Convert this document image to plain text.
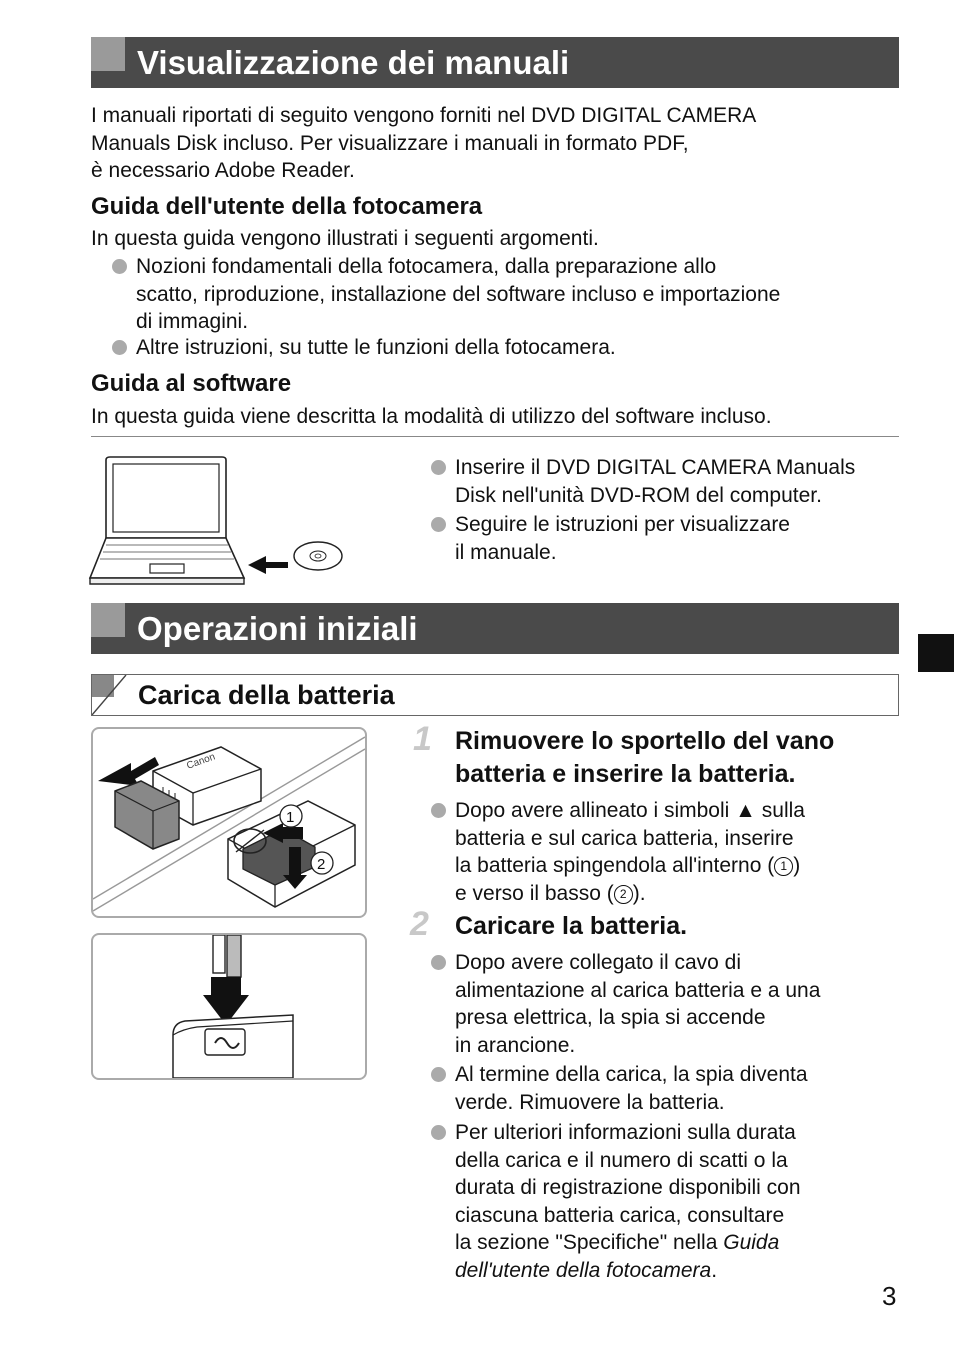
Visualizzazione dei manuali
I manuali riportati di seguito vengono forniti nel DVD DIGITAL CAMERA
Manuals Disk incluso. Per visualizzare i manuali in formato PDF,
è necessario Adobe Reader.
Guida dell'utente della fotocamera
In questa guida vengono illustrati i seguenti argomenti.
Nozioni fondamentali della fotocamera, dalla preparazione allo
scatto, riproduzione, installazione del software incluso e importazione
di immagini.
Altre istruzioni, su tutte le funzioni della fotocamera.
Guida al software
In questa guida viene descritta la modalità di utilizzo del software incluso.
Inserire il DVD DIGITAL CAMERA Manuals
Disk nell'unità DVD-ROM del computer.
Seguire le istruzioni per visualizzare
il manuale.
Operazioni iniziali
Carica della batteria
Canon
1
2
1 Rimuovere lo sportello del vano
batteria e inserire la batteria.
Dopo avere allineato i simboli ▲ sulla
batteria e sul carica batteria, inserire
la batteria spingendola all'interno ( 1 )
e verso il basso ( 2 ).
2 Caricare la batteria.
Dopo avere collegato il cavo di
alimentazione al carica batteria e a una
presa elettrica, la spia si accende
in arancione.
Al termine della carica, la spia diventa
verde. Rimuovere la batteria.
Per ulteriori informazioni sulla durata
della carica e il numero di scatti o la
durata di registrazione disponibili con
ciascuna batteria carica, consultare
la sezione "Specifiche" nella Guida
dell'utente della fotocamera.
3
